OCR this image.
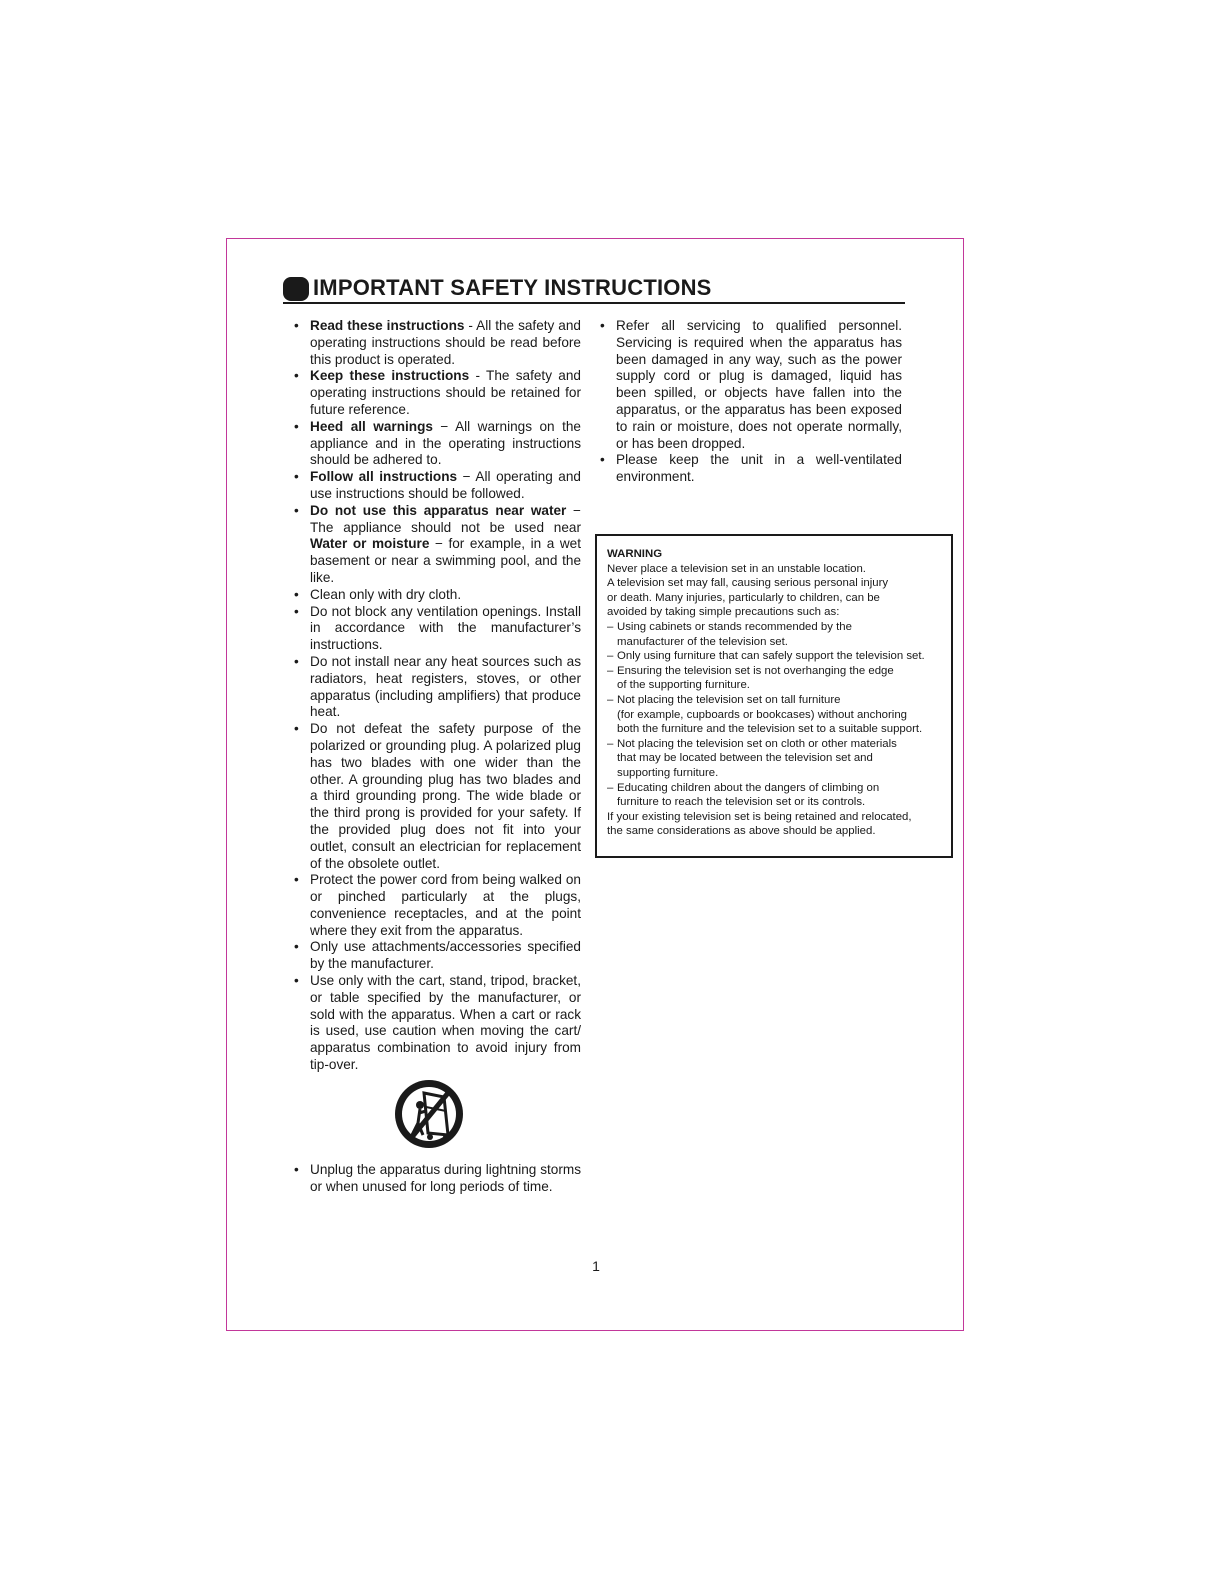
IMPORTANT SAFETY INSTRUCTIONS
• Read these instructions - All the safety and operating instructions should be read before this product is operated.
• Keep these instructions - The safety and operating instructions should be retained for future reference.
• Heed all warnings − All warnings on the appliance and in the operating instructions should be adhered to.
• Follow all instructions − All operating and use instructions should be followed.
• Do not use this apparatus near water − The appliance should not be used near Water or moisture − for example, in a wet basement or near a swimming pool, and the like.
• Clean only with dry cloth.
• Do not block any ventilation openings. Install in accordance with the manufacturer’s instructions.
• Do not install near any heat sources such as radiators, heat registers, stoves, or other apparatus (including amplifiers) that produce heat.
• Do not defeat the safety purpose of the polarized or grounding plug. A polarized plug has two blades with one wider than the other. A grounding plug has two blades and a third grounding prong. The wide blade or the third prong is provided for your safety. If the provided plug does not fit into your outlet, consult an electrician for replacement of the obsolete outlet.
• Protect the power cord from being walked on or pinched particularly at the plugs, convenience receptacles, and at the point where they exit from the apparatus.
• Only use attachments/accessories specified by the manufacturer.
• Use only with the cart, stand, tripod, bracket, or table specified by the manufacturer, or sold with the apparatus. When a cart or rack is used, use caution when moving the cart/ apparatus combination to avoid injury from tip-over.
• Unplug the apparatus during lightning storms or when unused for long periods of time.
• Refer all servicing to qualified personnel. Servicing is required when the apparatus has been damaged in any way, such as the power supply cord or plug is damaged, liquid has been spilled, or objects have fallen into the apparatus, or the apparatus has been exposed to rain or moisture, does not operate normally, or has been dropped.
• Please keep the unit in a well-ventilated environment.
WARNING
Never place a television set in an unstable location.
A television set may fall, causing serious personal injury
or death. Many injuries, particularly to children, can be
avoided by taking simple precautions such as:
– Using cabinets or stands recommended by the
manufacturer of the television set.
– Only using furniture that can safely support the television set.
– Ensuring the television set is not overhanging the edge
of the supporting furniture.
– Not placing the television set on tall furniture
(for example, cupboards or bookcases) without anchoring
both the furniture and the television set to a suitable support.
– Not placing the television set on cloth or other materials
that may be located between the television set and
supporting furniture.
– Educating children about the dangers of climbing on
furniture to reach the television set or its controls.
If your existing television set is being retained and relocated,
the same considerations as above should be applied.
1
